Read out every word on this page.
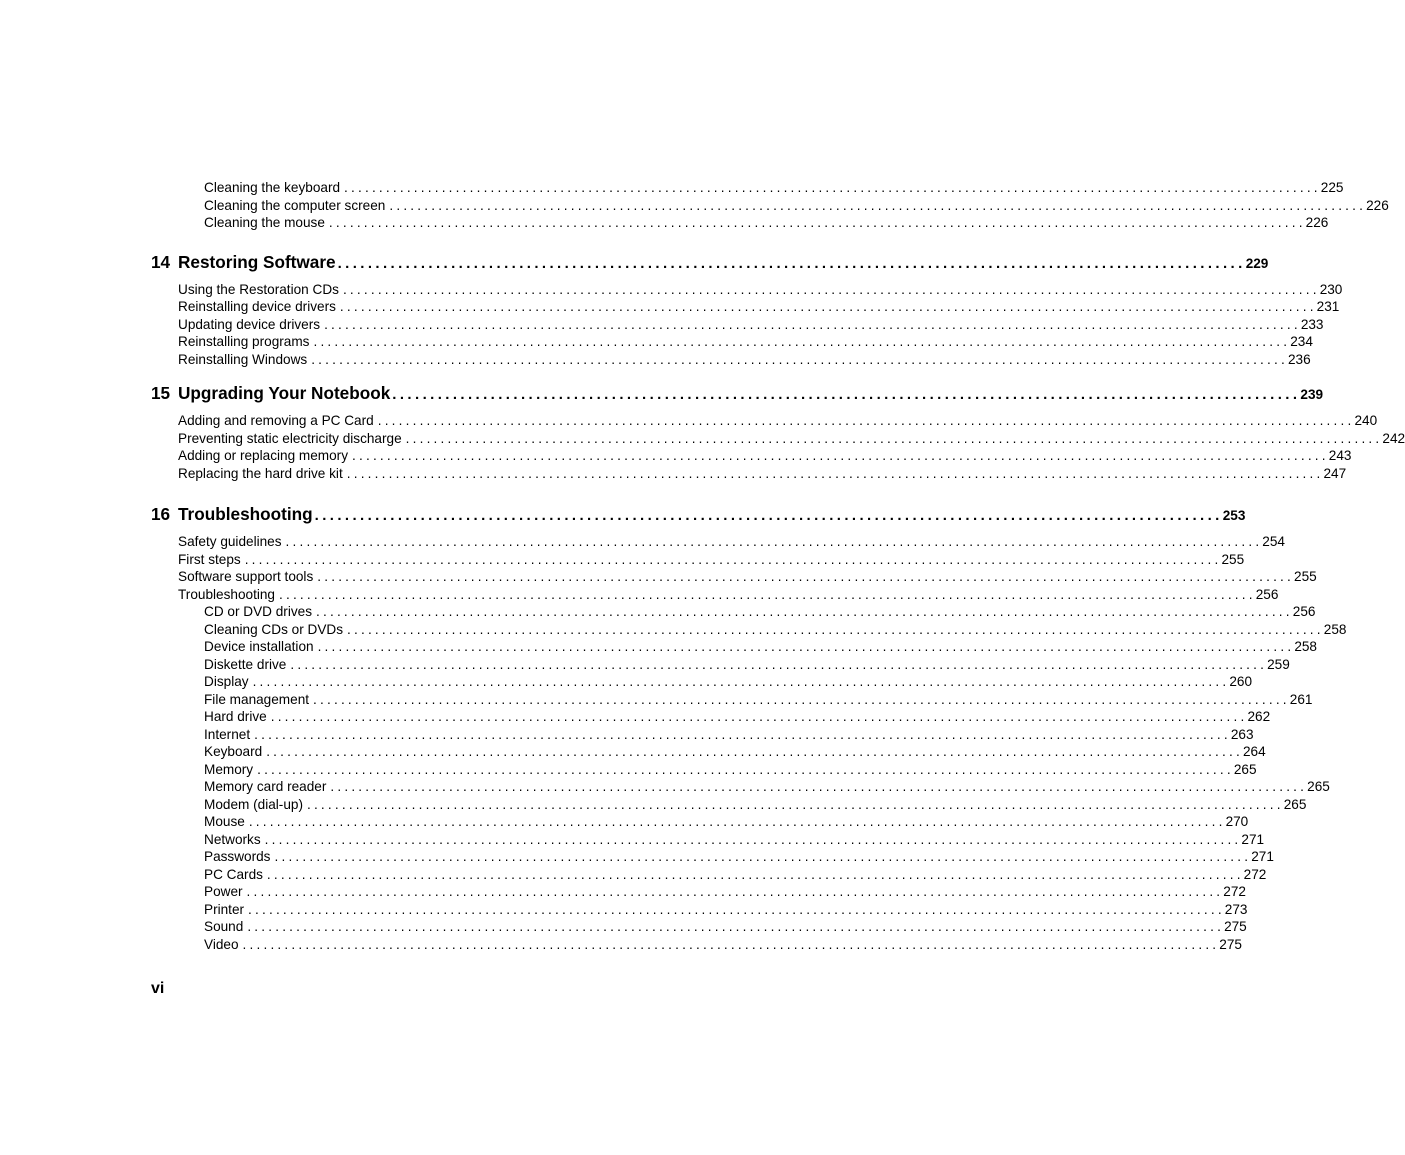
Cleaning the keyboard ............................................................................................................................................ 225
Cleaning the computer screen ............................................................................................................................................ 226
Cleaning the mouse ............................................................................................................................................ 226
14 Restoring Software ........................................................................................................................ 229
Using the Restoration CDs ............................................................................................................................................ 230
Reinstalling device drivers ............................................................................................................................................ 231
Updating device drivers ............................................................................................................................................ 233
Reinstalling programs ............................................................................................................................................ 234
Reinstalling Windows ............................................................................................................................................ 236
15 Upgrading Your Notebook ........................................................................................................................ 239
Adding and removing a PC Card ............................................................................................................................................ 240
Preventing static electricity discharge ............................................................................................................................................ 242
Adding or replacing memory ............................................................................................................................................ 243
Replacing the hard drive kit ............................................................................................................................................ 247
16 Troubleshooting ........................................................................................................................ 253
Safety guidelines ............................................................................................................................................ 254
First steps ............................................................................................................................................ 255
Software support tools ............................................................................................................................................ 255
Troubleshooting ............................................................................................................................................ 256
CD or DVD drives ............................................................................................................................................ 256
Cleaning CDs or DVDs ............................................................................................................................................ 258
Device installation ............................................................................................................................................ 258
Diskette drive ............................................................................................................................................ 259
Display ............................................................................................................................................ 260
File management ............................................................................................................................................ 261
Hard drive ............................................................................................................................................ 262
Internet ............................................................................................................................................ 263
Keyboard ............................................................................................................................................ 264
Memory ............................................................................................................................................ 265
Memory card reader ............................................................................................................................................ 265
Modem (dial-up) ............................................................................................................................................ 265
Mouse ............................................................................................................................................ 270
Networks ............................................................................................................................................ 271
Passwords ............................................................................................................................................ 271
PC Cards ............................................................................................................................................ 272
Power ............................................................................................................................................ 272
Printer ............................................................................................................................................ 273
Sound ............................................................................................................................................ 275
Video ............................................................................................................................................ 275
vi
